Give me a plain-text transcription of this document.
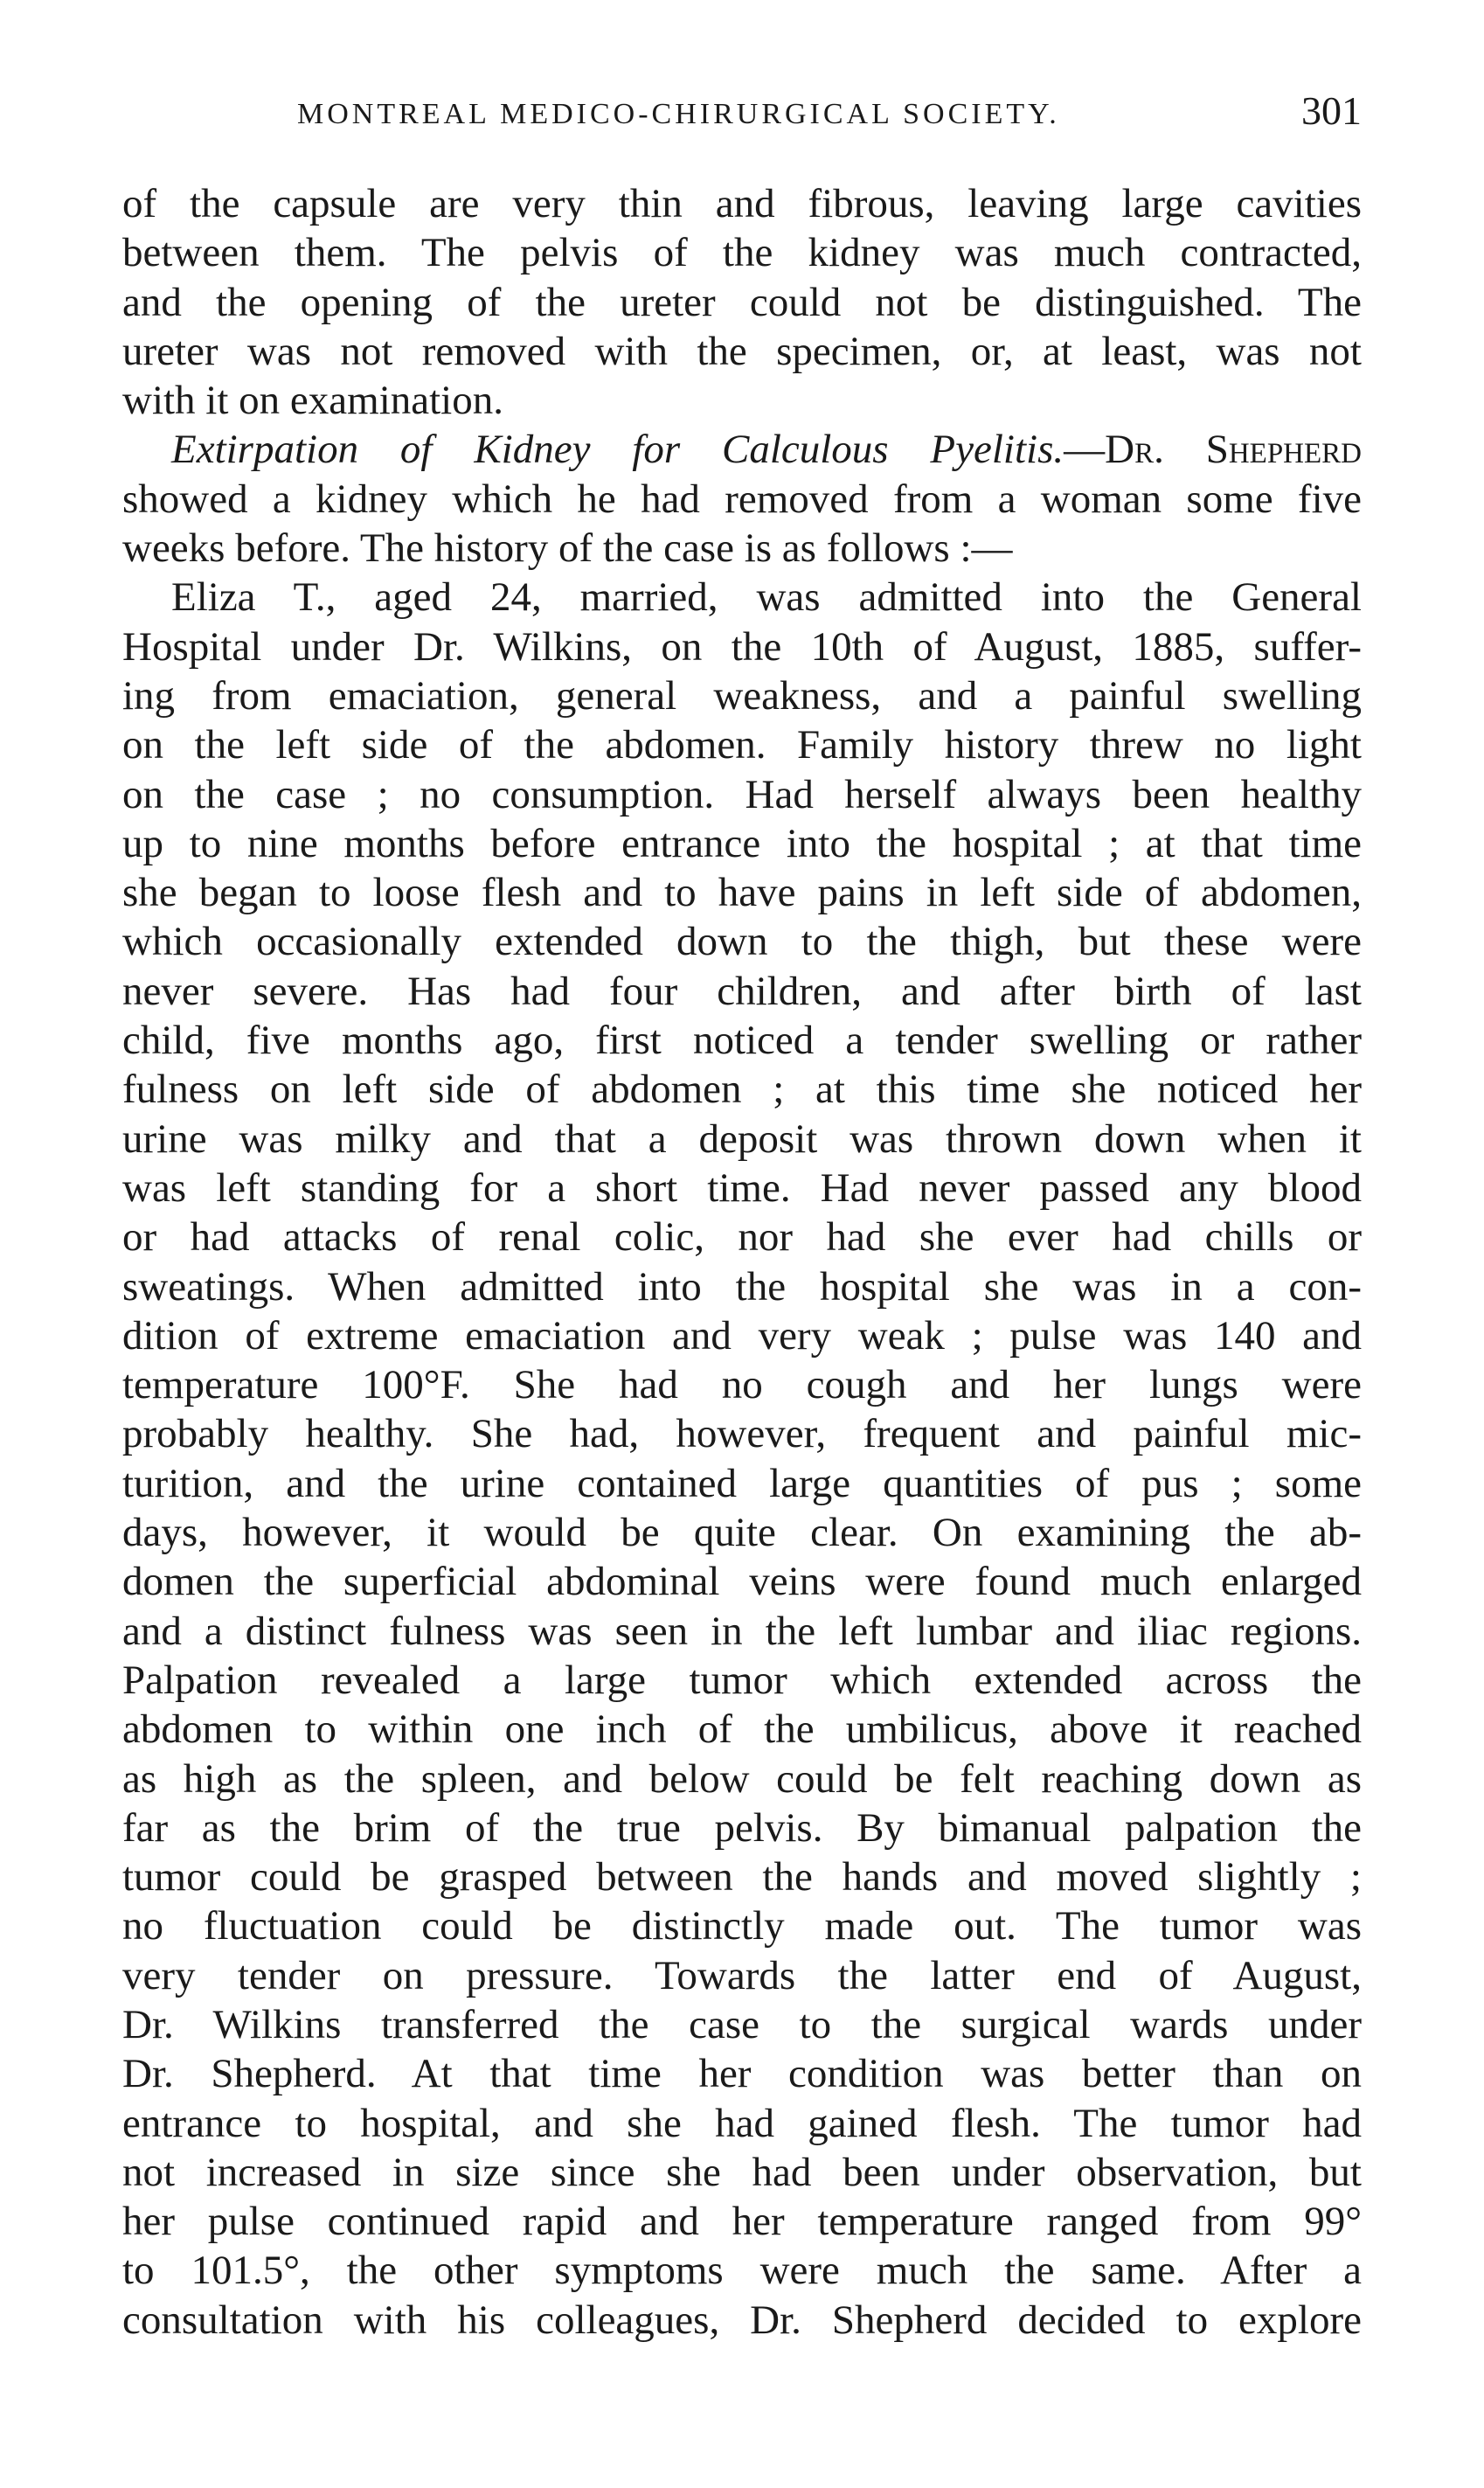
MONTREAL MEDICO-CHIRURGICAL SOCIETY.	301
of the capsule are very thin and fibrous, leaving large cavities
between them. The pelvis of the kidney was much contracted,
and the opening of the ureter could not be distinguished. The
ureter was not removed with the specimen, or, at least, was not
with it on examination.
Extirpation of Kidney for Calculous Pyelitis.—Dr. Shepherd
showed a kidney which he had removed from a woman some five
weeks before. The history of the case is as follows :—
Eliza T., aged 24, married, was admitted into the General
Hospital under Dr. Wilkins, on the 10th of August, 1885, suffer-
ing from emaciation, general weakness, and a painful swelling
on the left side of the abdomen. Family history threw no light
on the case ; no consumption. Had herself always been healthy
up to nine months before entrance into the hospital ; at that time
she began to loose flesh and to have pains in left side of abdomen,
which occasionally extended down to the thigh, but these were
never severe. Has had four children, and after birth of last
child, five months ago, first noticed a tender swelling or rather
fulness on left side of abdomen ; at this time she noticed her
urine was milky and that a deposit was thrown down when it
was left standing for a short time. Had never passed any blood
or had attacks of renal colic, nor had she ever had chills or
sweatings. When admitted into the hospital she was in a con-
dition of extreme emaciation and very weak ; pulse was 140 and
temperature 100°F. She had no cough and her lungs were
probably healthy. She had, however, frequent and painful mic-
turition, and the urine contained large quantities of pus ; some
days, however, it would be quite clear. On examining the ab-
domen the superficial abdominal veins were found much enlarged
and a distinct fulness was seen in the left lumbar and iliac regions.
Palpation revealed a large tumor which extended across the
abdomen to within one inch of the umbilicus, above it reached
as high as the spleen, and below could be felt reaching down as
far as the brim of the true pelvis. By bimanual palpation the
tumor could be grasped between the hands and moved slightly ;
no fluctuation could be distinctly made out. The tumor was
very tender on pressure. Towards the latter end of August,
Dr. Wilkins transferred the case to the surgical wards under
Dr. Shepherd. At that time her condition was better than on
entrance to hospital, and she had gained flesh. The tumor had
not increased in size since she had been under observation, but
her pulse continued rapid and her temperature ranged from 99°
to 101.5°, the other symptoms were much the same. After a
consultation with his colleagues, Dr. Shepherd decided to explore
